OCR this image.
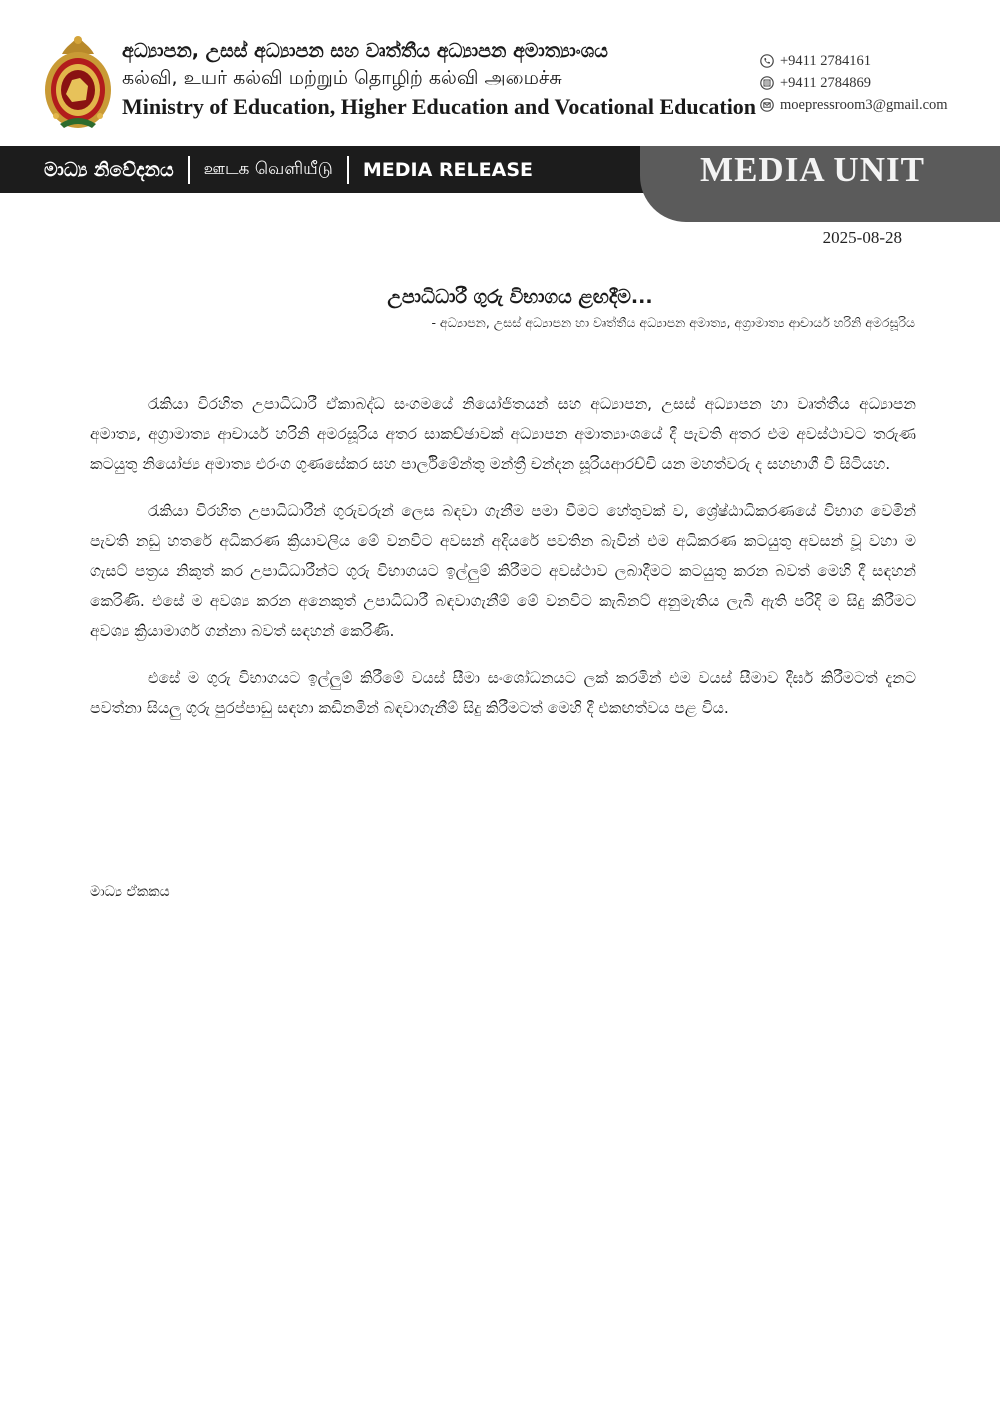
අධ්‍යාපන, උසස් අධ්‍යාපන සහ වෘත්තීය අධ්‍යාපන අමාත්‍යාංශය
கல்வி, உயர் கல்வி மற்றும் தொழிற் கல்வி அமைச்சு
Ministry of Education, Higher Education and Vocational Education
+9411 2784161
+9411 2784869
moepressroom3@gmail.com
මාධ්‍ය නිවේදනය ஊடக வெளியீடு MEDIA RELEASE	MEDIA UNIT
2025-08-28
උපාධිධාරී ගුරු විභාගය ළඟදීම...
- අධ්‍යාපන, උසස් අධ්‍යාපන හා වෘත්තීය අධ්‍යාපන අමාත්‍ය, අග්‍රාමාත්‍ය ආචාර්ය හරිනි අමරසූරිය

රැකියා විරහිත උපාධිධාරී ඒකාබද්ධ සංගමයේ නියෝජිතයන් සහ අධ්‍යාපන, උසස් අධ්‍යාපන හා වෘත්තීය අධ්‍යාපන අමාත්‍ය, අග්‍රාමාත්‍ය ආචාර්ය හරිනි අමරසූරිය අතර සාකච්ඡාවක් අධ්‍යාපන අමාත්‍යාංශයේ දී පැවති අතර එම අවස්ථාවට තරුණ කටයුතු නියෝජ්‍ය අමාත්‍ය එරංග ගුණසේකර සහ පාර්ලිමේන්තු මන්ත්‍රී චන්දන සූරියආරච්චි යන මහත්වරු ද සහභාගී වී සිටියහ.

රැකියා විරහිත උපාධිධාරීන් ගුරුවරුන් ලෙස බඳවා ගැනීම පමා වීමට හේතුවක් ව, ශ්‍රේෂ්ඨාධිකරණයේ විභාග වෙමින් පැවති නඩු හතරේ අධිකරණ ක්‍රියාවලිය මේ වනවිට අවසන් අදියරේ පවතින බැවින් එම අධිකරණ කටයුතු අවසන් වූ වහා ම ගැසට් පත්‍රය නිකුත් කර උපාධිධාරීන්ට ගුරු විභාගයට ඉල්ලුම් කිරීමට අවස්ථාව ලබාදීමට කටයුතු කරන බවත් මෙහි දී සඳහන් කෙරිණි. එසේ ම අවශ්‍ය කරන අනෙකුත් උපාධිධාරී බඳවාගැනීම් මේ වනවිට කැබිනට් අනුමැතිය ලැබී ඇති පරිදි ම සිදු කිරීමට අවශ්‍ය ක්‍රියාමාර්ග ගන්නා බවත් සඳහන් කෙරිණි.

එසේ ම ගුරු විභාගයට ඉල්ලුම් කිරීමේ වයස් සීමා සංශෝධනයට ලක් කරමින් එම වයස් සීමාව දීර්ඝ කිරීමටත් දැනට පවත්නා සියලු ගුරු පුරප්පාඩු සඳහා කඩිනමින් බඳවාගැනීම් සිදු කිරීමටත් මෙහි දී එකඟත්වය පළ විය.

මාධ්‍ය ඒකකය
